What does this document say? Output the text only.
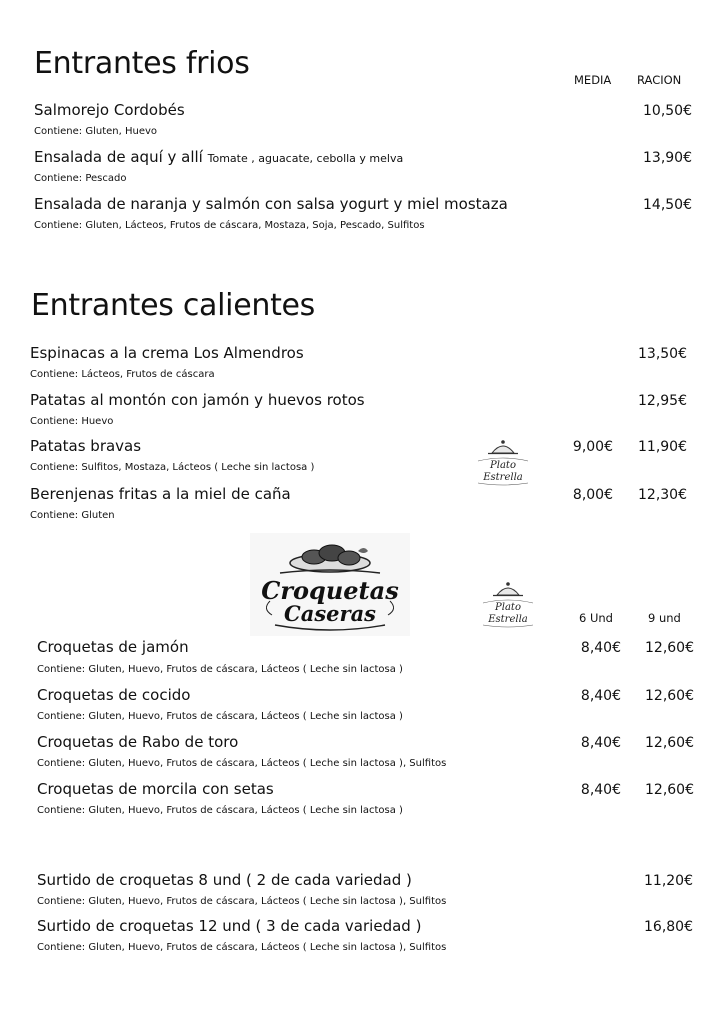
Entrantes frios	MEDIA RACION
Salmorejo Cordobés	10,50€
Contiene: Gluten, Huevo
Ensalada de aquí y allí Tomate , aguacate, cebolla y melva	13,90€
Contiene: Pescado
Ensalada de naranja y salmón con salsa yogurt y miel mostaza	14,50€
Contiene: Gluten, Lácteos, Frutos de cáscara, Mostaza, Soja, Pescado, Sulfitos
Entrantes calientes
Espinacas a la crema Los Almendros	13,50€
Contiene: Lácteos, Frutos de cáscara
Patatas al montón con jamón y huevos rotos	12,95€
Contiene: Huevo
Patatas bravas	9,00€ 11,90€
Contiene: Sulfitos, Mostaza, Lácteos ( Leche sin lactosa )	Plato
Estrella
Berenjenas fritas a la miel de caña	8,00€ 12,30€
Contiene: Gluten
Croquetas
Caseras	Plato
Estrella	6 Und	9 und
Croquetas de jamón	8,40€ 12,60€
Contiene: Gluten, Huevo, Frutos de cáscara, Lácteos ( Leche sin lactosa )
Croquetas de cocido	8,40€ 12,60€
Contiene: Gluten, Huevo, Frutos de cáscara, Lácteos ( Leche sin lactosa )
Croquetas de Rabo de toro	8,40€ 12,60€
Contiene: Gluten, Huevo, Frutos de cáscara, Lácteos ( Leche sin lactosa ), Sulfitos
Croquetas de morcila con setas	8,40€ 12,60€
Contiene: Gluten, Huevo, Frutos de cáscara, Lácteos ( Leche sin lactosa )
Surtido de croquetas 8 und ( 2 de cada variedad )	11,20€
Contiene: Gluten, Huevo, Frutos de cáscara, Lácteos ( Leche sin lactosa ), Sulfitos
Surtido de croquetas 12 und ( 3 de cada variedad )	16,80€
Contiene: Gluten, Huevo, Frutos de cáscara, Lácteos ( Leche sin lactosa ), Sulfitos
